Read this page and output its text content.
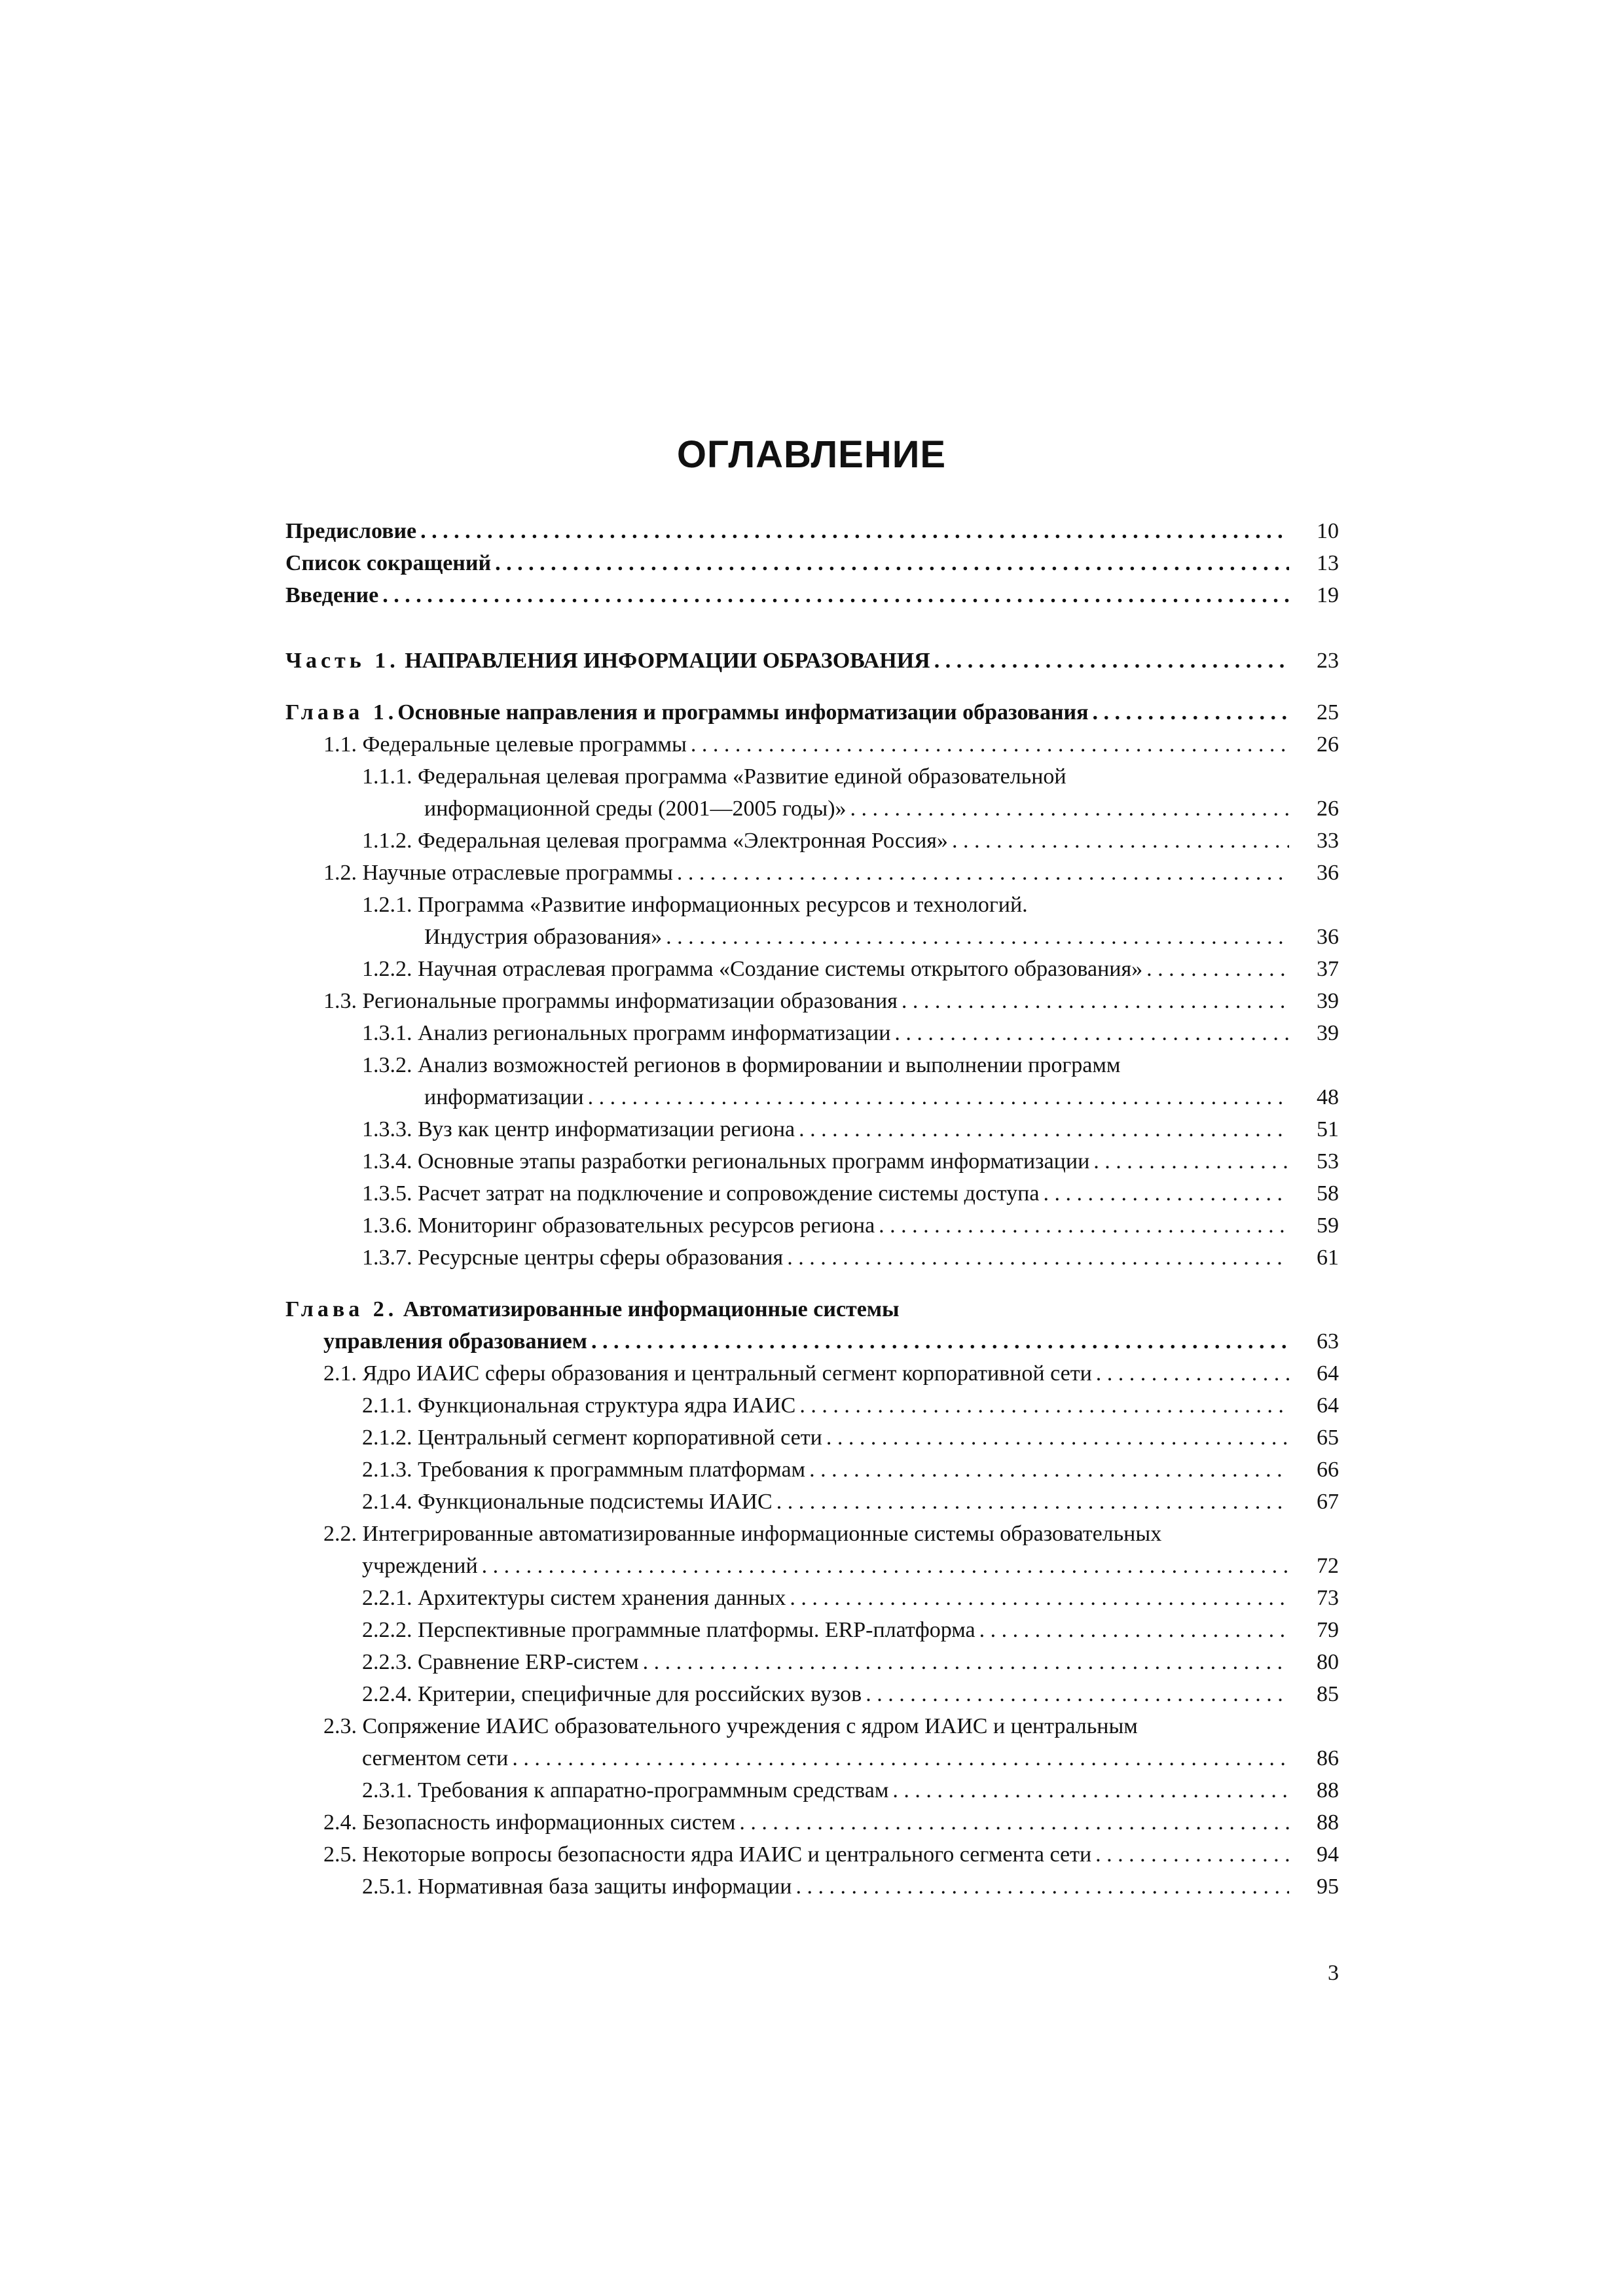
ОГЛАВЛЕНИЕ
Предисловие . . .	10
Список сокращений . . .	13
Введение . . .	19
Часть 1. НАПРАВЛЕНИЯ ИНФОРМАЦИИ ОБРАЗОВАНИЯ . . .	23
Глава 1.Основные направления и программы информатизации образования . . .	25
1.1. Федеральные целевые программы . . .	26
1.1.1. Федеральная целевая программа «Развитие единой образовательной
информационной среды (2001—2005 годы)» . . .	26
1.1.2. Федеральная целевая программа «Электронная Россия» . . .	33
1.2. Научные отраслевые программы . . .	36
1.2.1. Программа «Развитие информационных ресурсов и технологий.
Индустрия образования» . . .	36
1.2.2. Научная отраслевая программа «Создание системы открытого образования» . . .	37
1.3. Региональные программы информатизации образования . . .	39
1.3.1. Анализ региональных программ информатизации . . .	39
1.3.2. Анализ возможностей регионов в формировании и выполнении программ
информатизации . . .	48
1.3.3. Вуз как центр информатизации региона . . .	51
1.3.4. Основные этапы разработки региональных программ информатизации . . .	53
1.3.5. Расчет затрат на подключение и сопровождение системы доступа . . .	58
1.3.6. Мониторинг образовательных ресурсов региона . . .	59
1.3.7. Ресурсные центры сферы образования . . .	61
Глава 2. Автоматизированные информационные системы
управления образованием . . .	63
2.1. Ядро ИАИС сферы образования и центральный сегмент корпоративной сети . . .	64
2.1.1. Функциональная структура ядра ИАИС . . .	64
2.1.2. Центральный сегмент корпоративной сети . . .	65
2.1.3. Требования к программным платформам . . .	66
2.1.4. Функциональные подсистемы ИАИС . . .	67
2.2. Интегрированные автоматизированные информационные системы образовательных
учреждений . . .	72
2.2.1. Архитектуры систем хранения данных . . .	73
2.2.2. Перспективные программные платформы. ERP-платформа . . .	79
2.2.3. Сравнение ERP-систем . . .	80
2.2.4. Критерии, специфичные для российских вузов . . .	85
2.3. Сопряжение ИАИС образовательного учреждения с ядром ИАИС и центральным
сегментом сети . . .	86
2.3.1. Требования к аппаратно-программным средствам . . .	88
2.4. Безопасность информационных систем . . .	88
2.5. Некоторые вопросы безопасности ядра ИАИС и центрального сегмента сети . . .	94
2.5.1. Нормативная база защиты информации . . .	95
3
